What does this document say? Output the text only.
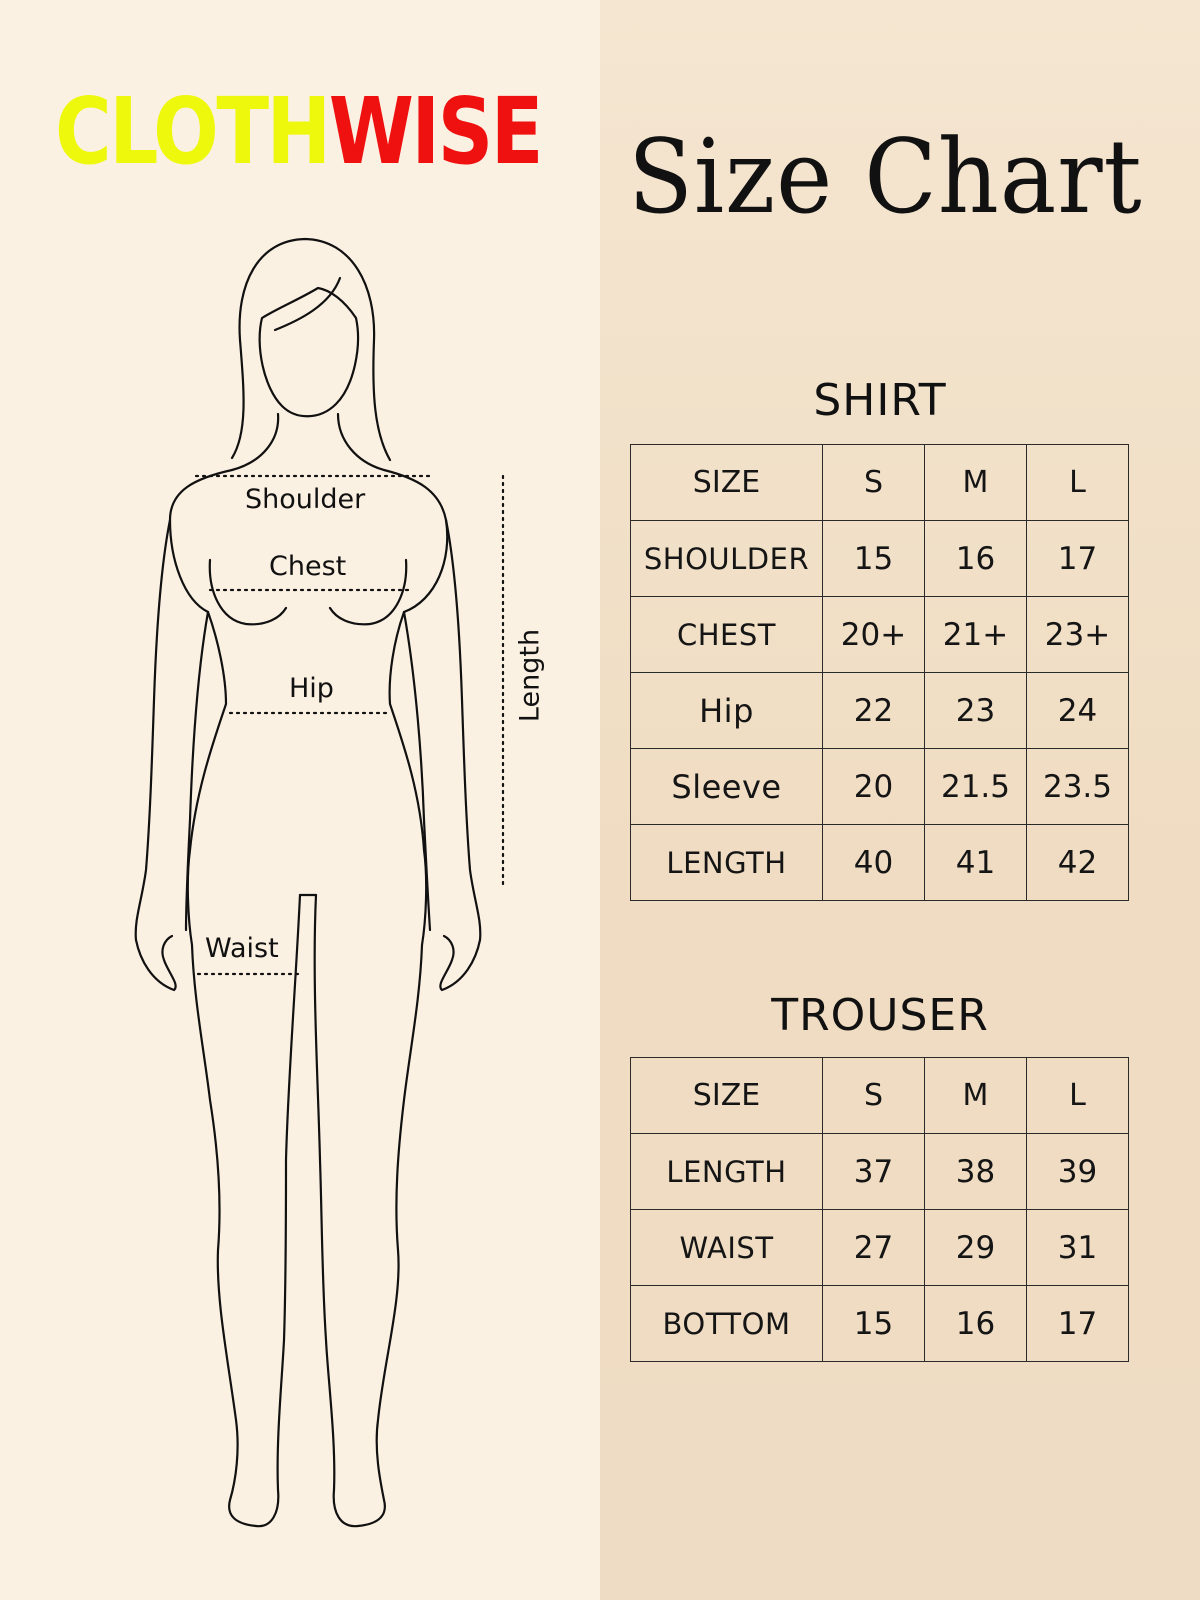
CLOTH WISE Size Chart
Shoulder
Chest
Hip
Waist
Length
SHIRT
SIZE	S	M	L
SHOULDER	15	16	17
CHEST	20+	21+	23+
Hip	22	23	24
Sleeve	20	21.5	23.5
LENGTH	40	41	42
TROUSER
SIZE	S	M	L
LENGTH	37	38	39
WAIST	27	29	31
BOTTOM	15	16	17
